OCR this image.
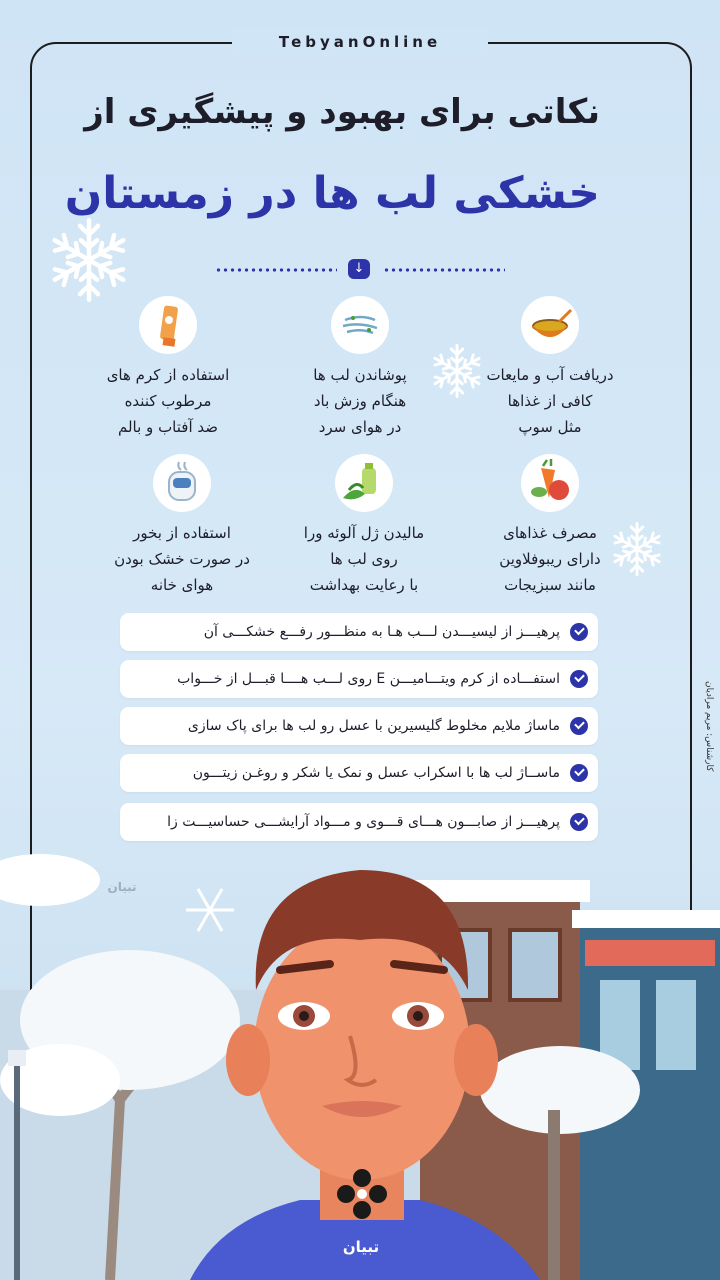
TebyanOnline
نکاتی برای بهبود و پیشگیری از
خشکی لب ها در زمستان
↓
دریافت آب و مایعات
کافی از غذاها
مثل سوپ
پوشاندن لب ها
هنگام وزش باد
در هوای سرد
استفاده از کرم های
مرطوب کننده
ضد آفتاب و بالم
مصرف غذاهای
دارای ریبوفلاوین
مانند سبزیجات
مالیدن ژل آلوئه ورا
روی لب ها
با رعایت بهداشت
استفاده از بخور
در صورت خشک بودن
هوای خانه
پرهیـــز از لیسیـــدن لـــب هـا به منظـــور رفـــع خشکـــی آن
استفـــاده از کرم ویتـــامیـــن E روی لـــب هــــا قبـــل از خـــواب
ماساژ ملایم مخلوط گلیسیرین با عسل رو لب ها برای پاک سازی
ماســاژ لب ها با اسکراب عسل و نمک یا شکر و روغـن زیتـــون
پرهیـــز از صابـــون هـــای قـــوی و مـــواد آرایشـــی حساسیـــت زا
کارشناس: مریم مرادیان
تبیان
تبیان
